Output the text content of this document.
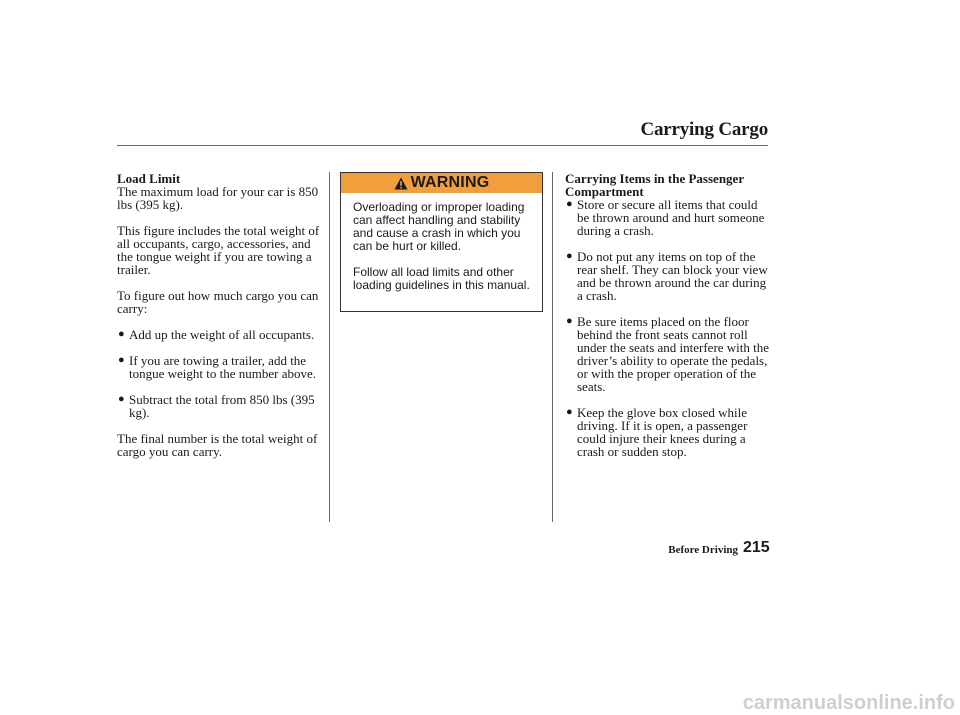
Carrying Cargo
Load Limit

The maximum load for your car is 850 lbs (395 kg).

This figure includes the total weight of all occupants, cargo, accessories, and the tongue weight if you are towing a trailer.

To figure out how much cargo you can carry:

● Add up the weight of all occupants.
● If you are towing a trailer, add the tongue weight to the number above.
● Subtract the total from 850 lbs (395 kg).

The final number is the total weight of cargo you can carry.

WARNING

Overloading or improper loading can affect handling and stability and cause a crash in which you can be hurt or killed.

Follow all load limits and other loading guidelines in this manual.

Carrying Items in the Passenger Compartment
● Store or secure all items that could be thrown around and hurt someone during a crash.
● Do not put any items on top of the rear shelf. They can block your view and be thrown around the car during a crash.
● Be sure items placed on the floor behind the front seats cannot roll under the seats and interfere with the driver’s ability to operate the pedals, or with the proper operation of the seats.
● Keep the glove box closed while driving. If it is open, a passenger could injure their knees during a crash or sudden stop.
Before Driving 215
carmanualsonline.info
